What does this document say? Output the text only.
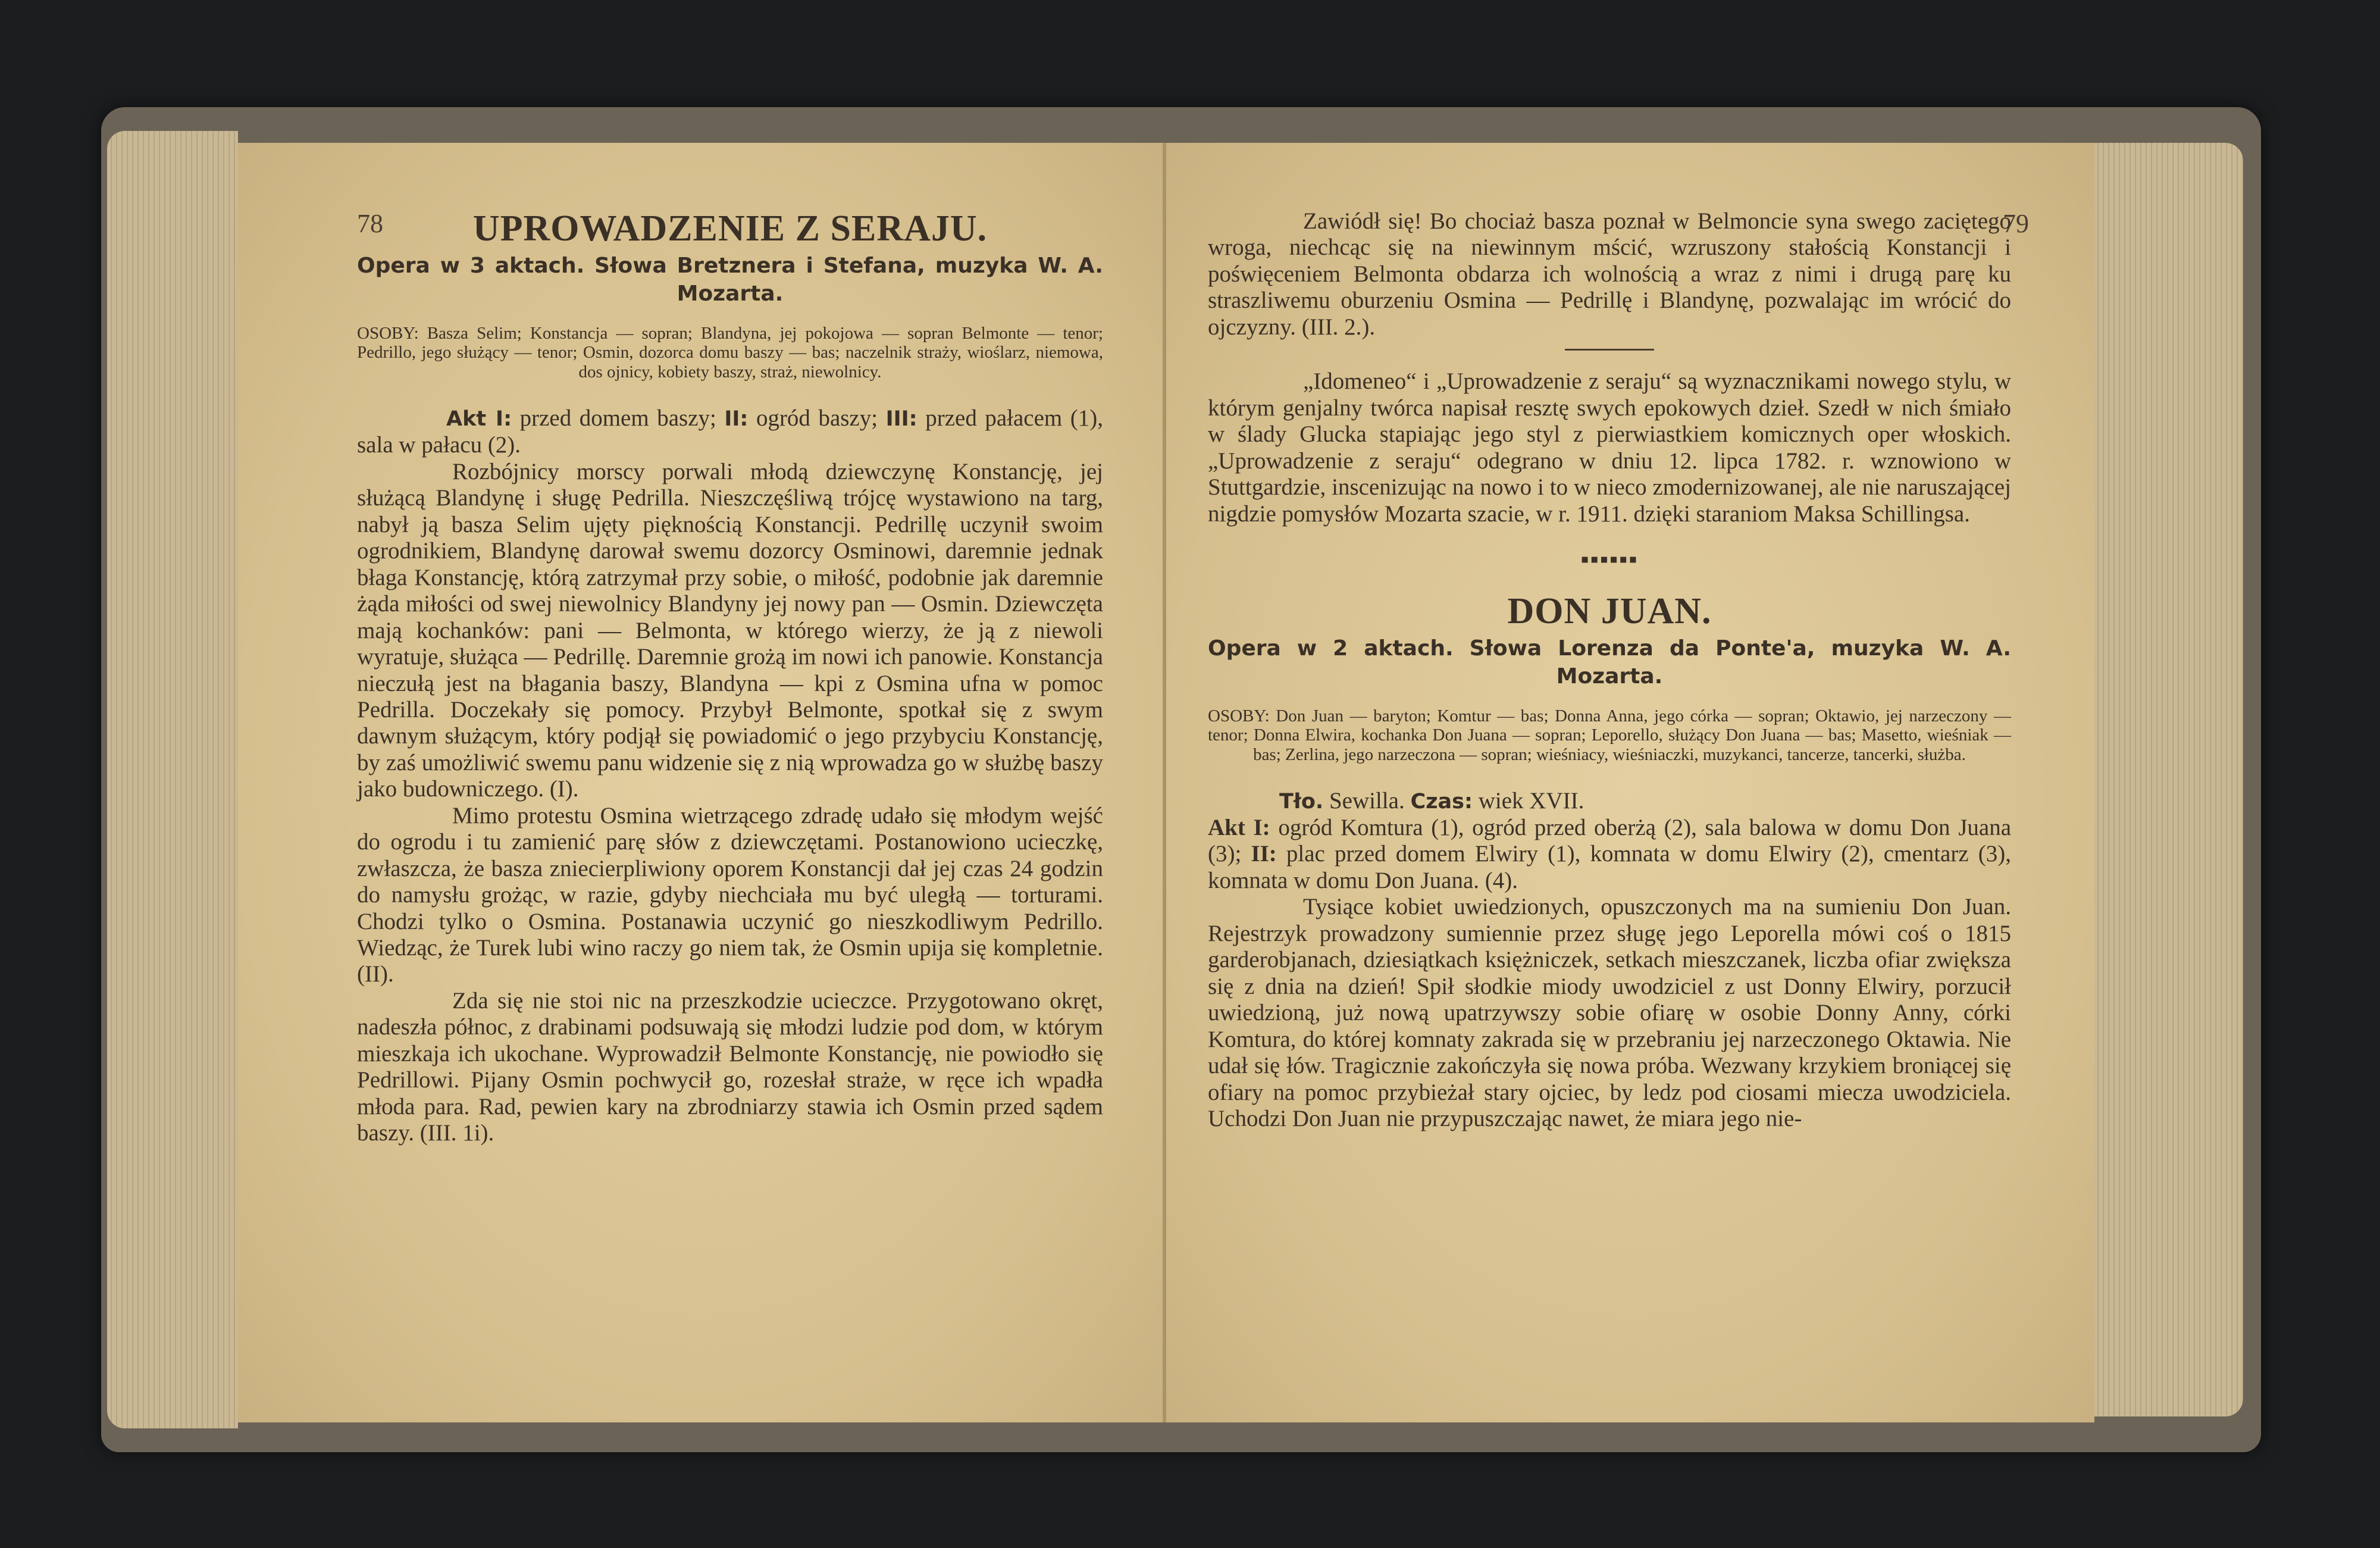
78	UPROWADZENIE Z SERAJU.

Opera w 3 aktach. Słowa Bretznera i Stefana, muzyka W. A. Mozarta.

OSOBY: Basza Selim; Konstancja — sopran; Blandyna, jej pokojowa — sopran Belmonte — tenor; Pedrillo, jego służący — tenor; Osmin, dozorca domu baszy — bas; naczelnik straży, wioślarz, niemowa, dos ojnicy, kobiety baszy, straż, niewolnicy.

Akt I: przed domem baszy; II: ogród baszy; III: przed pałacem (1), sala w pałacu (2).

Rozbójnicy morscy porwali młodą dziewczynę Konstancję, jej służącą Blandynę i sługę Pedrilla. Nieszczęśliwą trójcę wystawiono na targ, nabył ją basza Selim ujęty pięknością Konstancji. Pedrillę uczynił swoim ogrodnikiem, Blandynę darował swemu dozorcy Osminowi, daremnie jednak błaga Konstancję, którą zatrzymał przy sobie, o miłość, podobnie jak daremnie żąda miłości od swej niewolnicy Blandyny jej nowy pan — Osmin. Dziewczęta mają kochanków: pani — Belmonta, w którego wierzy, że ją z niewoli wyratuje, służąca — Pedrillę. Daremnie grożą im nowi ich panowie. Konstancja nieczułą jest na błagania baszy, Blandyna — kpi z Osmina ufna w pomoc Pedrilla. Doczekały się pomocy. Przybył Belmonte, spotkał się z swym dawnym służącym, który podjął się powiadomić o jego przybyciu Konstancję, by zaś umożliwić swemu panu widzenie się z nią wprowadza go w służbę baszy jako budowniczego. (I).

Mimo protestu Osmina wietrzącego zdradę udało się młodym wejść do ogrodu i tu zamienić parę słów z dziewczętami. Postanowiono ucieczkę, zwłaszcza, że basza zniecierpliwiony oporem Konstancji dał jej czas 24 godzin do namysłu grożąc, w razie, gdyby niechciała mu być uległą — torturami. Chodzi tylko o Osmina. Postanawia uczynić go nieszkodliwym Pedrillo. Wiedząc, że Turek lubi wino raczy go niem tak, że Osmin upija się kompletnie. (II).

Zda się nie stoi nic na przeszkodzie ucieczce. Przygotowano okręt, nadeszła północ, z drabinami podsuwają się młodzi ludzie pod dom, w którym mieszkaja ich ukochane. Wyprowadził Belmonte Konstancję, nie powiodło się Pedrillowi. Pijany Osmin pochwycił go, rozesłał straże, w ręce ich wpadła młoda para. Rad, pewien kary na zbrodniarzy stawia ich Osmin przed sądem baszy. (III. 1i).

79

Zawiódł się! Bo chociaż basza poznał w Belmoncie syna swego zaciętego wroga, niechcąc się na niewinnym mścić, wzruszony stałością Konstancji i poświęceniem Belmonta obdarza ich wolnością a wraz z nimi i drugą parę ku straszliwemu oburzeniu Osmina — Pedrillę i Blandynę, pozwalając im wrócić do ojczyzny. (III. 2.).

„Idomeneo“ i „Uprowadzenie z seraju“ są wyznacznikami nowego stylu, w którym genjalny twórca napisał resztę swych epokowych dzieł. Szedł w nich śmiało w ślady Glucka stapiając jego styl z pierwiastkiem komicznych oper włoskich. „Uprowadzenie z seraju“ odegrano w dniu 12. lipca 1782. r. wznowiono w Stuttgardzie, inscenizując na nowo i to w nieco zmodernizowanej, ale nie naruszającej nigdzie pomysłów Mozarta szacie, w r. 1911. dzięki staraniom Maksa Schillingsa.

▪▪▪▪▪▪
DON JUAN.

Opera w 2 aktach. Słowa Lorenza da Ponte'a, muzyka W. A. Mozarta.

OSOBY: Don Juan — baryton; Komtur — bas; Donna Anna, jego córka — sopran; Oktawio, jej narzeczony — tenor; Donna Elwira, kochanka Don Juana — sopran; Leporello, służący Don Juana — bas; Masetto, wieśniak — bas; Zerlina, jego narzeczona — sopran; wieśniacy, wieśniaczki, muzykanci, tancerze, tancerki, służba.

Tło. Sewilla. Czas: wiek XVII.

Akt I: ogród Komtura (1), ogród przed oberżą (2), sala balowa w domu Don Juana (3); II: plac przed domem Elwiry (1), komnata w domu Elwiry (2), cmentarz (3), komnata w domu Don Juana. (4).

Tysiące kobiet uwiedzionych, opuszczonych ma na sumieniu Don Juan. Rejestrzyk prowadzony sumiennie przez sługę jego Leporella mówi coś o 1815 garderobjanach, dziesiątkach księżniczek, setkach mieszczanek, liczba ofiar zwiększa się z dnia na dzień! Spił słodkie miody uwodziciel z ust Donny Elwiry, porzucił uwiedzioną, już nową upatrzywszy sobie ofiarę w osobie Donny Anny, córki Komtura, do której komnaty zakrada się w przebraniu jej narzeczonego Oktawia. Nie udał się łów. Tragicznie zakończyła się nowa próba. Wezwany krzykiem broniącej się ofiary na pomoc przybieżał stary ojciec, by ledz pod ciosami miecza uwodziciela. Uchodzi Don Juan nie przypuszczając nawet, że miara jego nie-
